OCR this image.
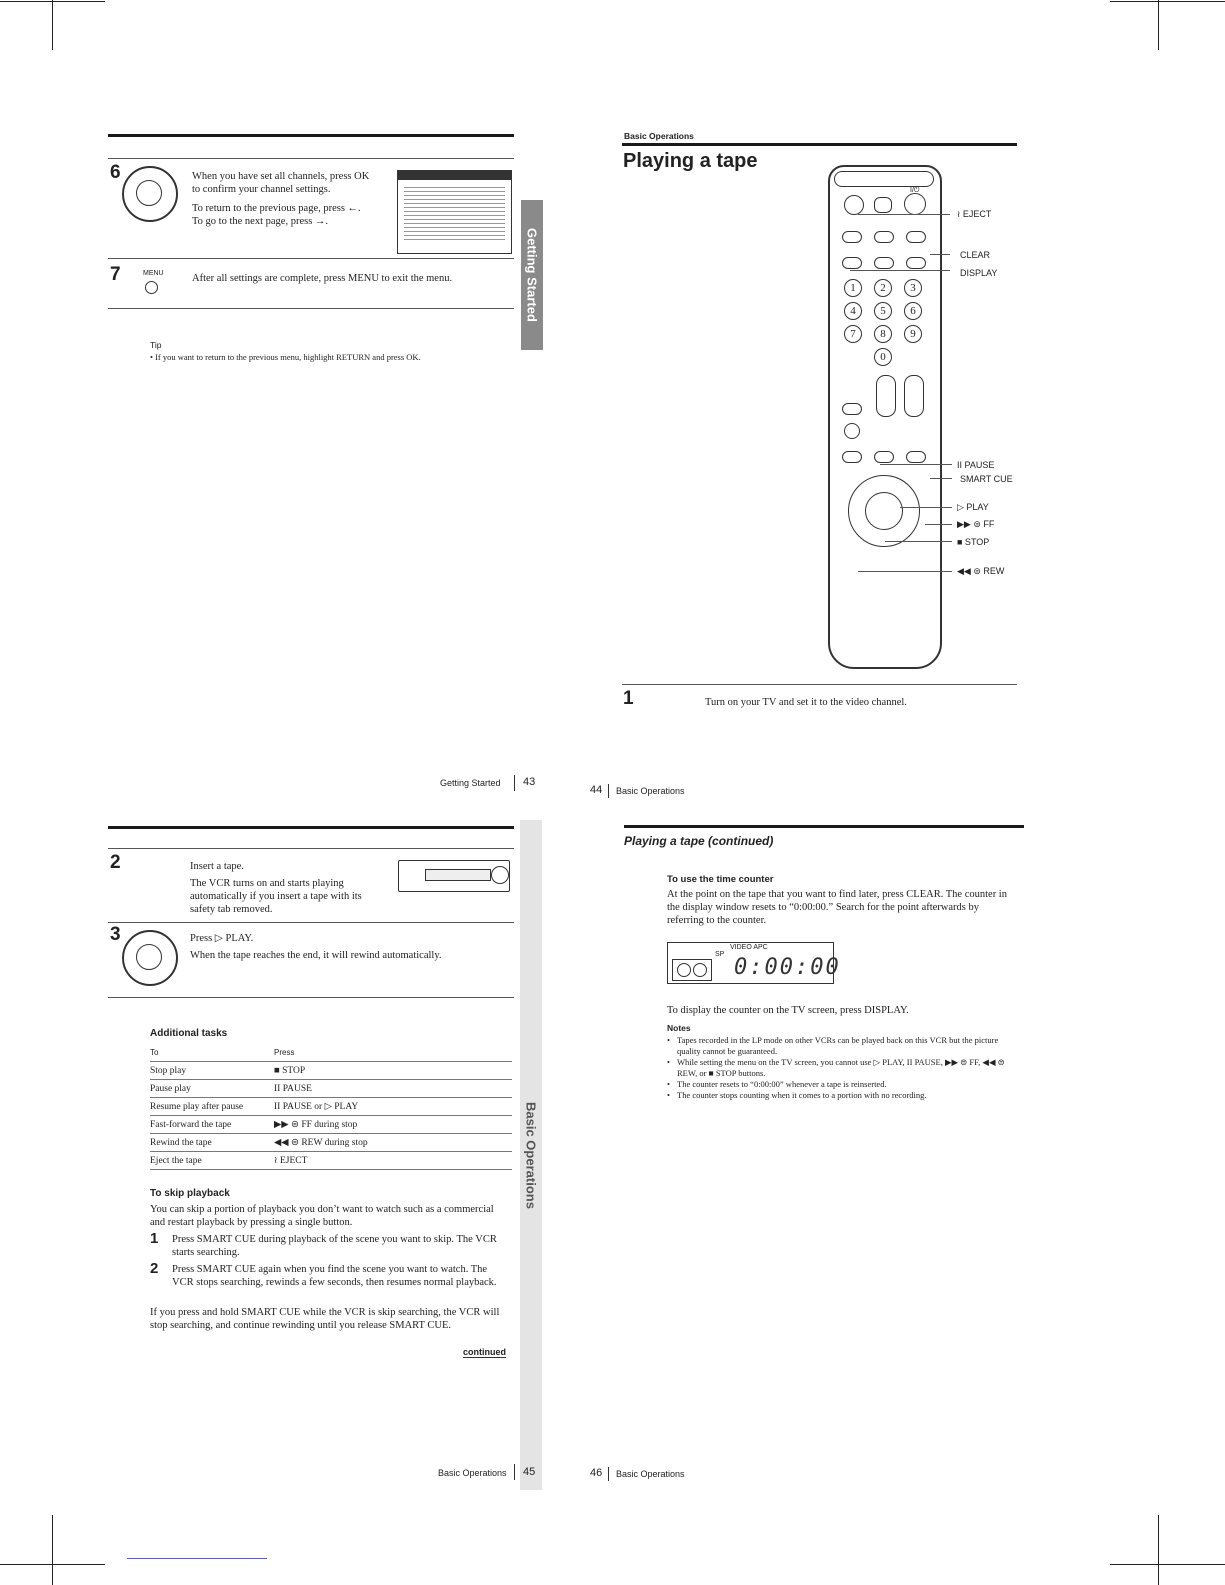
6	When you have set all channels, press OK
to confirm your channel settings.
To return to the previous page, press ←.
To go to the next page, press →.
7	MENU	After all settings are complete, press MENU to exit the menu.
Tip
• If you want to return to the previous menu, highlight RETURN and press OK.
Getting Started
Getting Started 43
Basic Operations
Playing a tape
I/⏻
1	2	3
4	5	6
7	8	9
0
≀ EJECT
CLEAR
DISPLAY
II PAUSE
SMART CUE
▷ PLAY
▶▶ ⊜ FF
■ STOP
◀◀ ⊜ REW
1	Turn on your TV and set it to the video channel.
44 Basic Operations
2	Insert a tape.
The VCR turns on and starts playing
automatically if you insert a tape with its
safety tab removed.
3	Press ▷ PLAY.
When the tape reaches the end, it will rewind automatically.
Additional tasks
To	Press
Stop play	■ STOP
Pause play	II PAUSE
Resume play after pause	II PAUSE or ▷ PLAY
Fast-forward the tape	▶▶ ⊜ FF during stop
Rewind the tape	◀◀ ⊜ REW during stop
Eject the tape	≀ EJECT
To skip playback
You can skip a portion of playback you don’t want to watch such as a commercial and restart playback by pressing a single button.
1 Press SMART CUE during playback of the scene you want to skip. The VCR starts searching.
2 Press SMART CUE again when you find the scene you want to watch. The VCR stops searching, rewinds a few seconds, then resumes normal playback.
If you press and hold SMART CUE while the VCR is skip searching, the VCR will stop searching, and continue rewinding until you release SMART CUE.
continued
Basic Operations
Basic Operations 45
Playing a tape (continued)
To use the time counter
At the point on the tape that you want to find later, press CLEAR. The counter in the display window resets to “0:00:00.” Search for the point afterwards by referring to the counter.
SP
VIDEO APC
0:00:00
To display the counter on the TV screen, press DISPLAY.
Notes
• Tapes recorded in the LP mode on other VCRs can be played back on this VCR but the picture quality cannot be guaranteed.
• While setting the menu on the TV screen, you cannot use ▷ PLAY, II PAUSE, ▶▶ ⊜ FF, ◀◀ ⊜ REW, or ■ STOP buttons.
• The counter resets to “0:00:00” whenever a tape is reinserted.
• The counter stops counting when it comes to a portion with no recording.
46 Basic Operations
